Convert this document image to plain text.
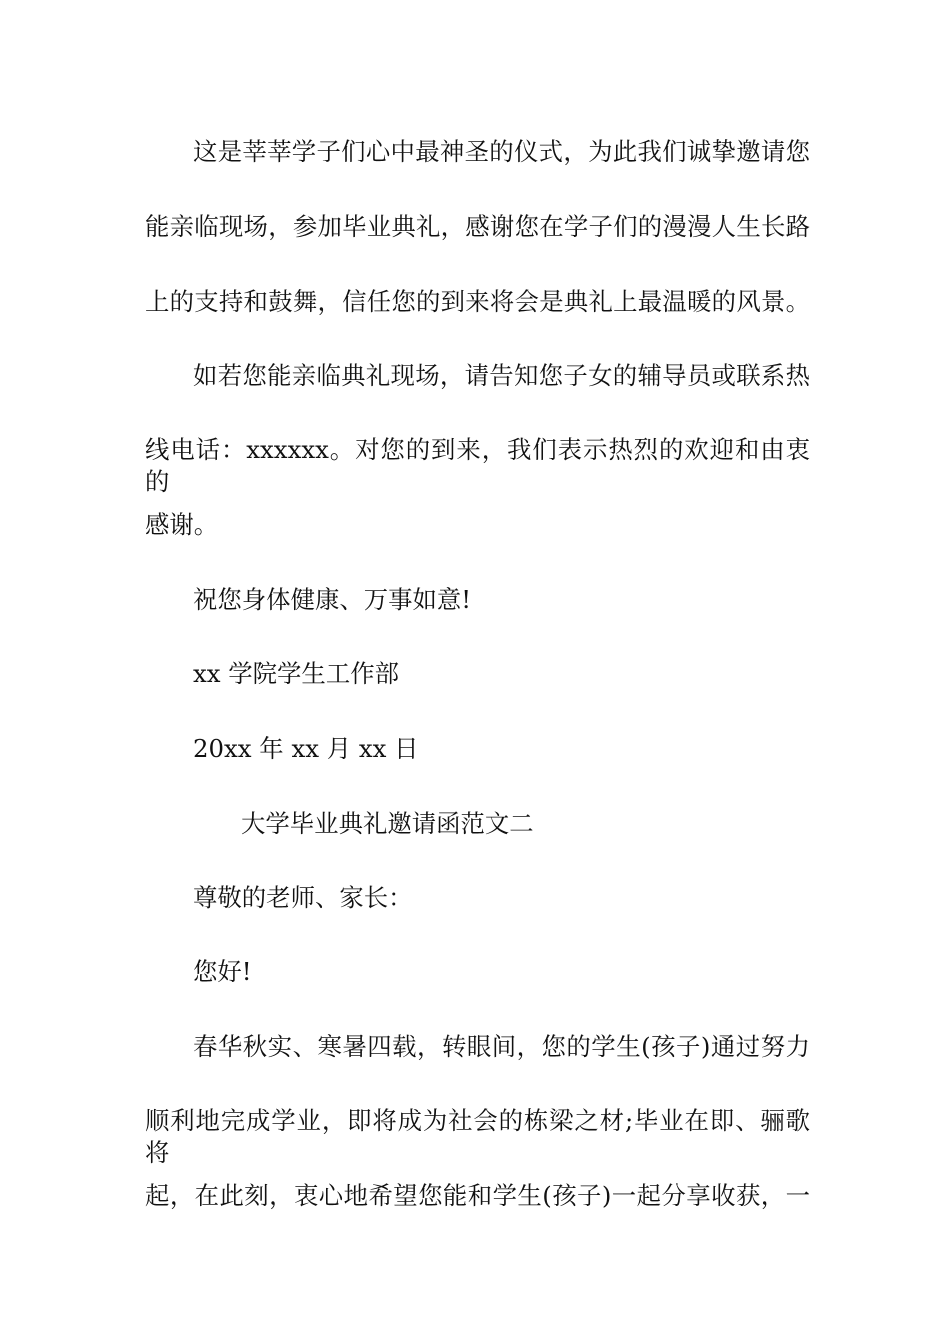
这是莘莘学子们心中最神圣的仪式，为此我们诚挚邀请您
能亲临现场，参加毕业典礼，感谢您在学子们的漫漫人生长路
上的支持和鼓舞，信任您的到来将会是典礼上最温暖的风景。
如若您能亲临典礼现场，请告知您子女的辅导员或联系热
线电话：xxxxxx。对您的到来，我们表示热烈的欢迎和由衷的
感谢。
祝您身体健康、万事如意!
xx 学院学生工作部
20xx 年 xx 月 xx 日
大学毕业典礼邀请函范文二
尊敬的老师、家长：
您好!
春华秋实、寒暑四载，转眼间，您的学生(孩子)通过努力
顺利地完成学业，即将成为社会的栋梁之材;毕业在即、骊歌将
起，在此刻，衷心地希望您能和学生(孩子)一起分享收获，一
